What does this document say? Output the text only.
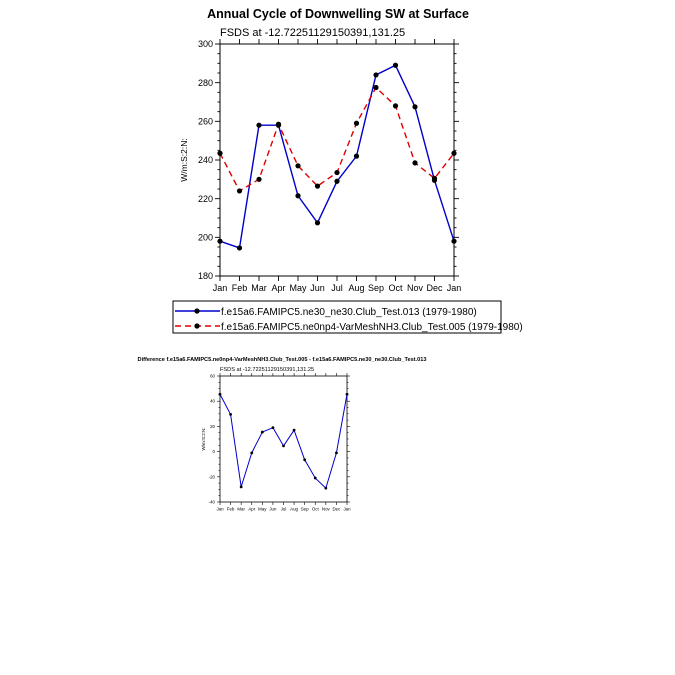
Annual Cycle of Downwelling SW at Surface
FSDS at -12.72251129150391,131.25
W/m:S:2:N:
180
200
220
240
260
280
300
Jan Feb Mar Apr May Jun Jul Aug Sep Oct Nov Dec Jan
f.e15a6.FAMIPC5.ne30_ne30.Club_Test.013 (1979-1980)
f.e15a6.FAMIPC5.ne0np4-VarMeshNH3.Club_Test.005 (1979-1980)
Difference f.e15a6.FAMIPC5.ne0np4-VarMeshNH3.Club_Test.005 - f.e15a6.FAMIPC5.ne30_ne30.Club_Test.013
FSDS at -12.72251129150391,131.25
W/m:S:2:N:
-40
-20
0
20
40
60
Jan Feb Mar Apr May Jun Jul Aug Sep Oct Nov Dec Jan
